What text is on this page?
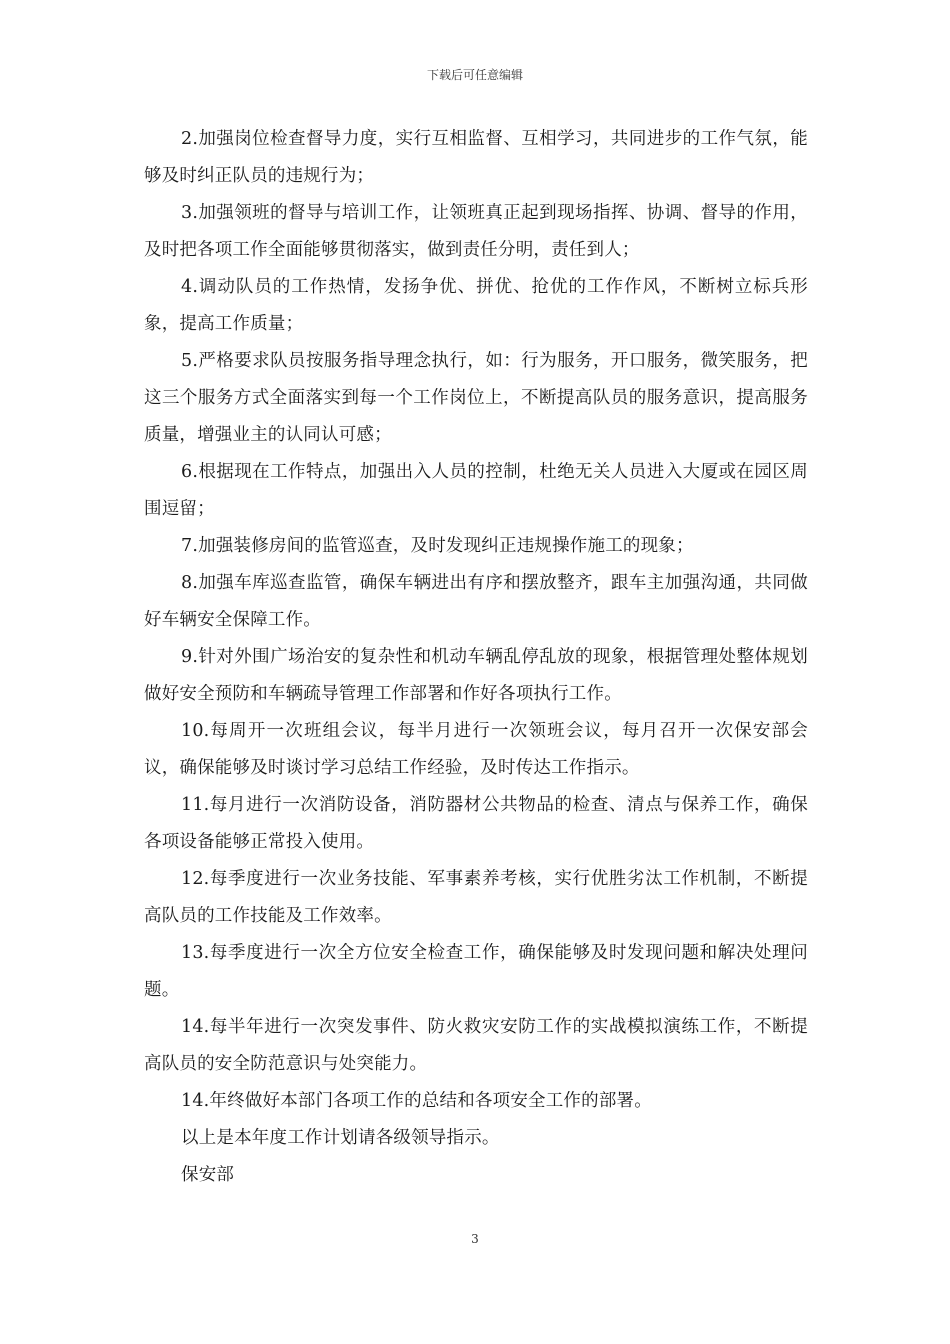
下载后可任意编辑

2.加强岗位检查督导力度，实行互相监督、互相学习，共同进步的工作气氛，能够及时纠正队员的违规行为；

3.加强领班的督导与培训工作，让领班真正起到现场指挥、协调、督导的作用，及时把各项工作全面能够贯彻落实，做到责任分明，责任到人；

4.调动队员的工作热情，发扬争优、拼优、抢优的工作作风，不断树立标兵形象，提高工作质量；

5.严格要求队员按服务指导理念执行，如：行为服务，开口服务，微笑服务，把这三个服务方式全面落实到每一个工作岗位上，不断提高队员的服务意识，提高服务质量，增强业主的认同认可感；

6.根据现在工作特点，加强出入人员的控制，杜绝无关人员进入大厦或在园区周围逗留；

7.加强装修房间的监管巡查，及时发现纠正违规操作施工的现象；

8.加强车库巡查监管，确保车辆进出有序和摆放整齐，跟车主加强沟通，共同做好车辆安全保障工作。

9.针对外围广场治安的复杂性和机动车辆乱停乱放的现象，根据管理处整体规划做好安全预防和车辆疏导管理工作部署和作好各项执行工作。

10.每周开一次班组会议，每半月进行一次领班会议，每月召开一次保安部会议，确保能够及时谈讨学习总结工作经验，及时传达工作指示。

11.每月进行一次消防设备，消防器材公共物品的检查、清点与保养工作，确保各项设备能够正常投入使用。

12.每季度进行一次业务技能、军事素养考核，实行优胜劣汰工作机制，不断提高队员的工作技能及工作效率。

13.每季度进行一次全方位安全检查工作，确保能够及时发现问题和解决处理问题。

14.每半年进行一次突发事件、防火救灾安防工作的实战模拟演练工作，不断提高队员的安全防范意识与处突能力。

14.年终做好本部门各项工作的总结和各项安全工作的部署。

以上是本年度工作计划请各级领导指示。

保安部

3
